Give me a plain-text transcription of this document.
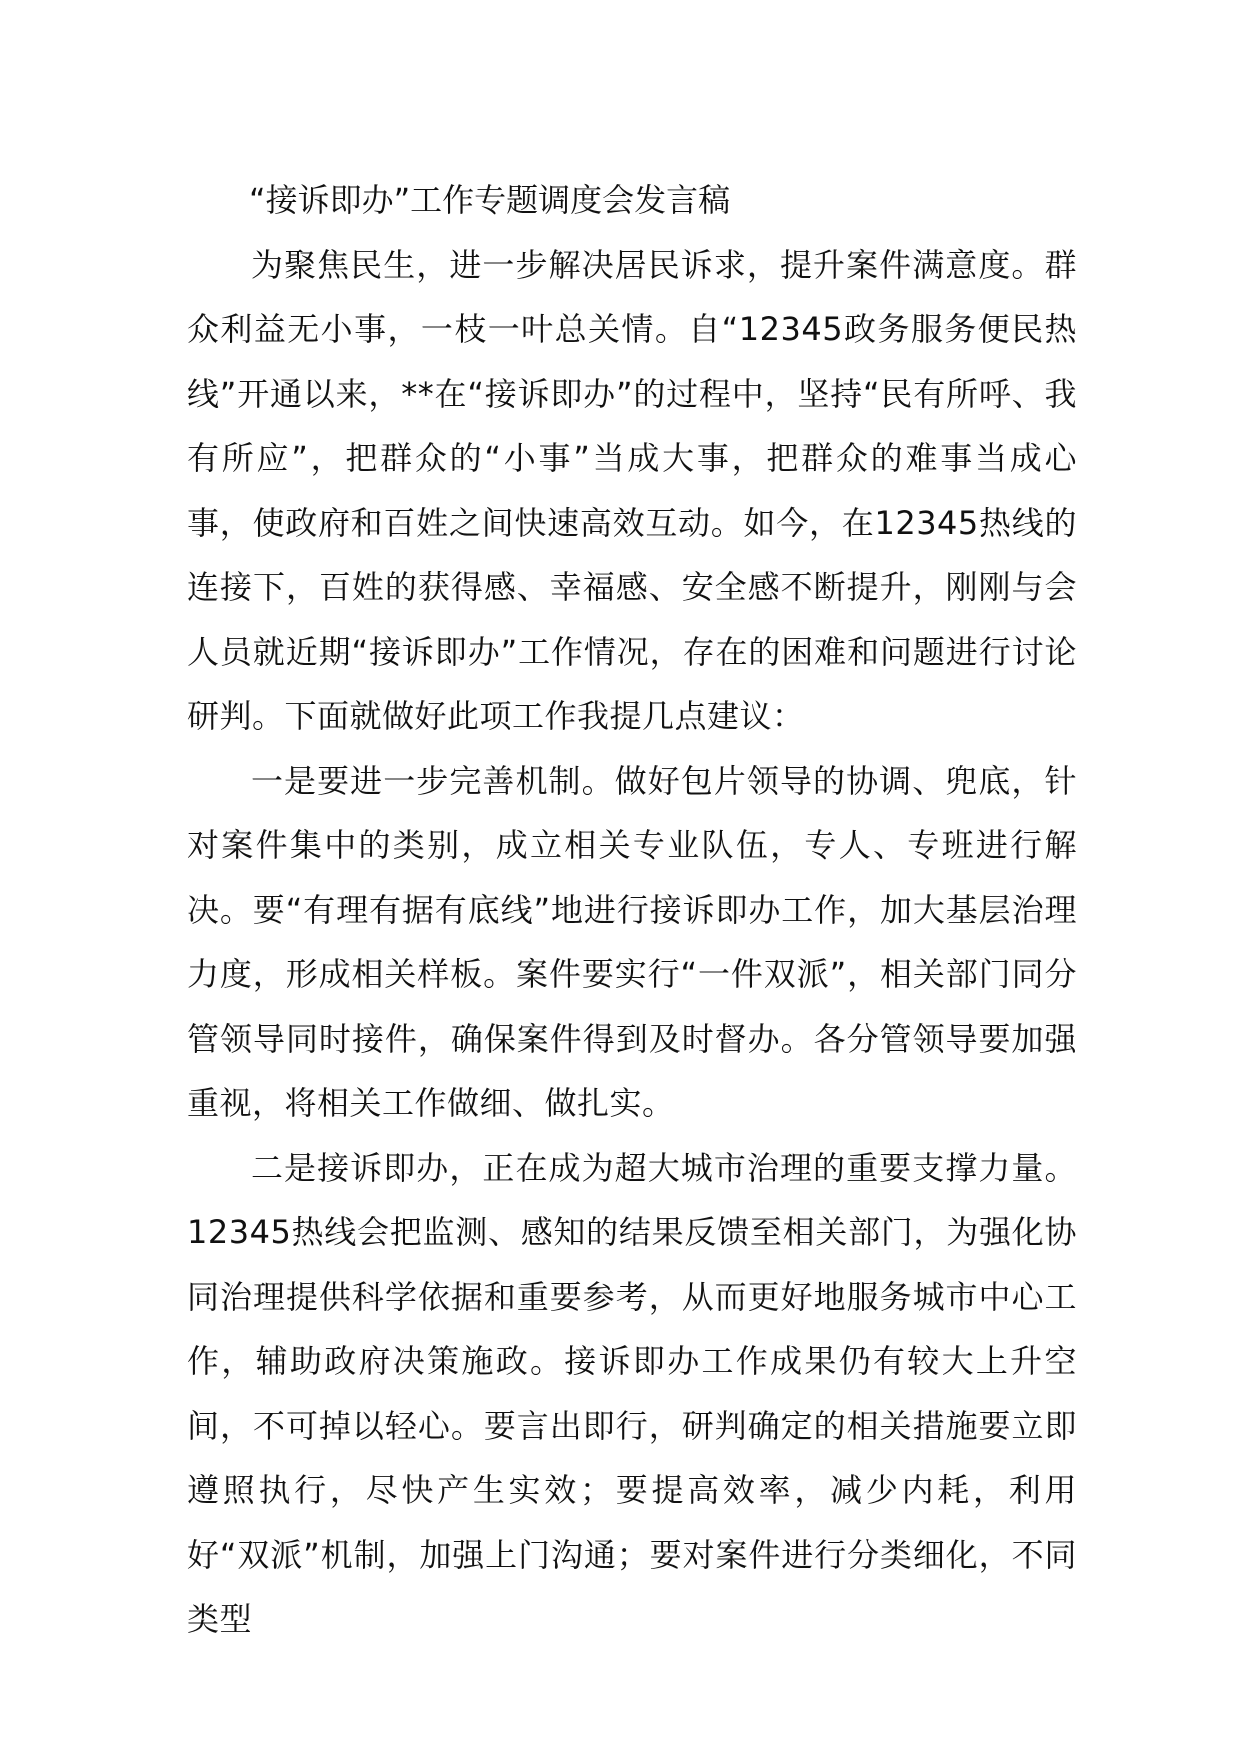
“接诉即办”工作专题调度会发言稿

为聚焦民生，进一步解决居民诉求，提升案件满意度。群众利益无小事，一枝一叶总关情。自“12345政务服务便民热线”开通以来，**在“接诉即办”的过程中，坚持“民有所呼、我有所应”，把群众的“小事”当成大事，把群众的难事当成心事，使政府和百姓之间快速高效互动。如今，在12345热线的连接下，百姓的获得感、幸福感、安全感不断提升，刚刚与会人员就近期“接诉即办”工作情况，存在的困难和问题进行讨论研判。下面就做好此项工作我提几点建议：

一是要进一步完善机制。做好包片领导的协调、兜底，针对案件集中的类别，成立相关专业队伍，专人、专班进行解决。要“有理有据有底线”地进行接诉即办工作，加大基层治理力度，形成相关样板。案件要实行“一件双派”，相关部门同分管领导同时接件，确保案件得到及时督办。各分管领导要加强重视，将相关工作做细、做扎实。

二是接诉即办，正在成为超大城市治理的重要支撑力量。12345热线会把监测、感知的结果反馈至相关部门，为强化协同治理提供科学依据和重要参考，从而更好地服务城市中心工作，辅助政府决策施政。接诉即办工作成果仍有较大上升空间，不可掉以轻心。要言出即行，研判确定的相关措施要立即遵照执行，尽快产生实效；要提高效率，减少内耗，利用好“双派”机制，加强上门沟通；要对案件进行分类细化，不同类型
